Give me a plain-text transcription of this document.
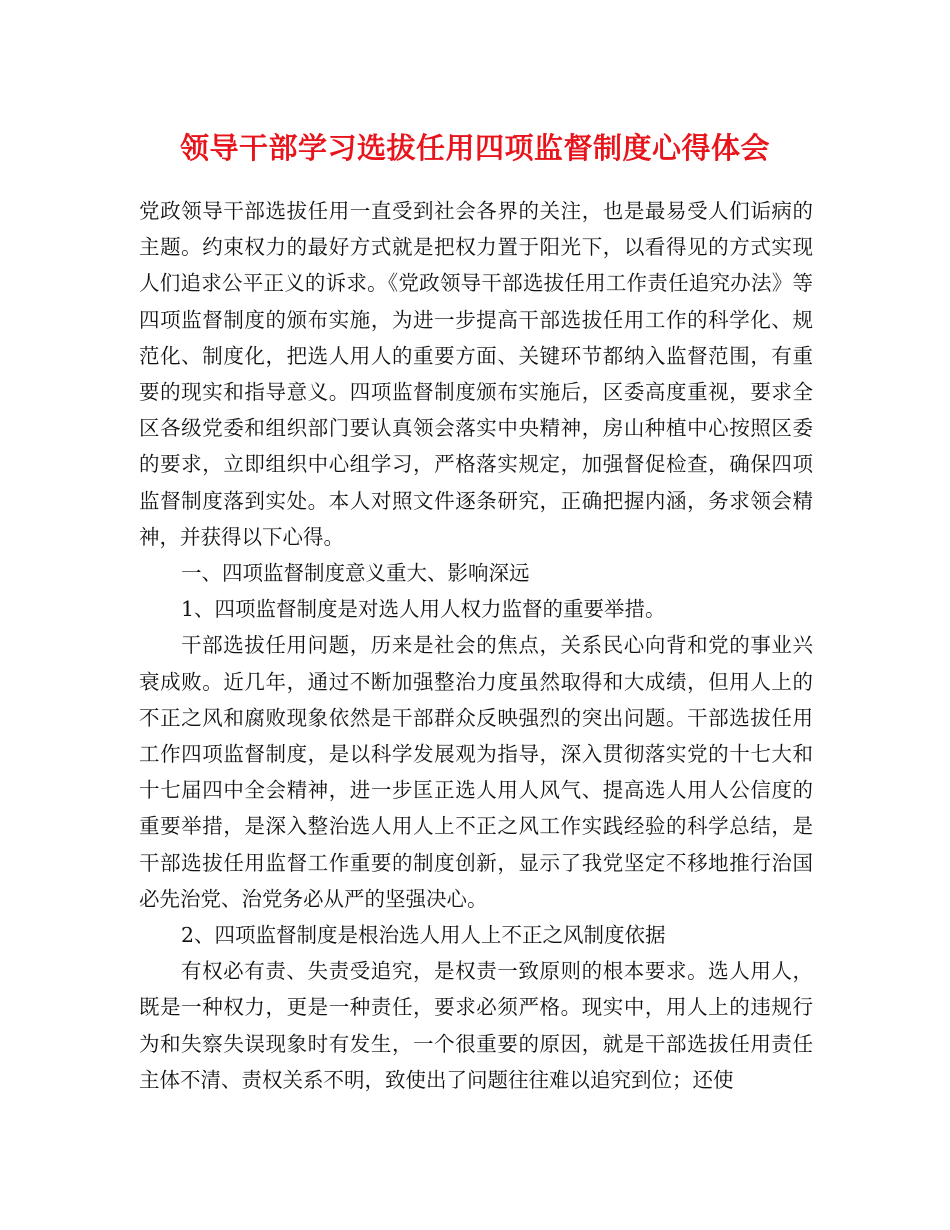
领导干部学习选拔任用四项监督制度心得体会

党政领导干部选拔任用一直受到社会各界的关注，也是最易受人们诟病的主题。约束权力的最好方式就是把权力置于阳光下，以看得见的方式实现人们追求公平正义的诉求。《党政领导干部选拔任用工作责任追究办法》等四项监督制度的颁布实施，为进一步提高干部选拔任用工作的科学化、规范化、制度化，把选人用人的重要方面、关键环节都纳入监督范围，有重要的现实和指导意义。四项监督制度颁布实施后，区委高度重视，要求全区各级党委和组织部门要认真领会落实中央精神，房山种植中心按照区委的要求，立即组织中心组学习，严格落实规定，加强督促检查，确保四项监督制度落到实处。本人对照文件逐条研究，正确把握内涵，务求领会精神，并获得以下心得。

一、四项监督制度意义重大、影响深远

1、四项监督制度是对选人用人权力监督的重要举措。

干部选拔任用问题，历来是社会的焦点，关系民心向背和党的事业兴衰成败。近几年，通过不断加强整治力度虽然取得和大成绩，但用人上的不正之风和腐败现象依然是干部群众反映强烈的突出问题。干部选拔任用工作四项监督制度，是以科学发展观为指导，深入贯彻落实党的十七大和十七届四中全会精神，进一步匡正选人用人风气、提高选人用人公信度的重要举措，是深入整治选人用人上不正之风工作实践经验的科学总结，是干部选拔任用监督工作重要的制度创新，显示了我党坚定不移地推行治国必先治党、治党务必从严的坚强决心。

2、四项监督制度是根治选人用人上不正之风制度依据

有权必有责、失责受追究，是权责一致原则的根本要求。选人用人，既是一种权力，更是一种责任，要求必须严格。现实中，用人上的违规行为和失察失误现象时有发生，一个很重要的原因，就是干部选拔任用责任主体不清、责权关系不明，致使出了问题往往难以追究到位；还使
